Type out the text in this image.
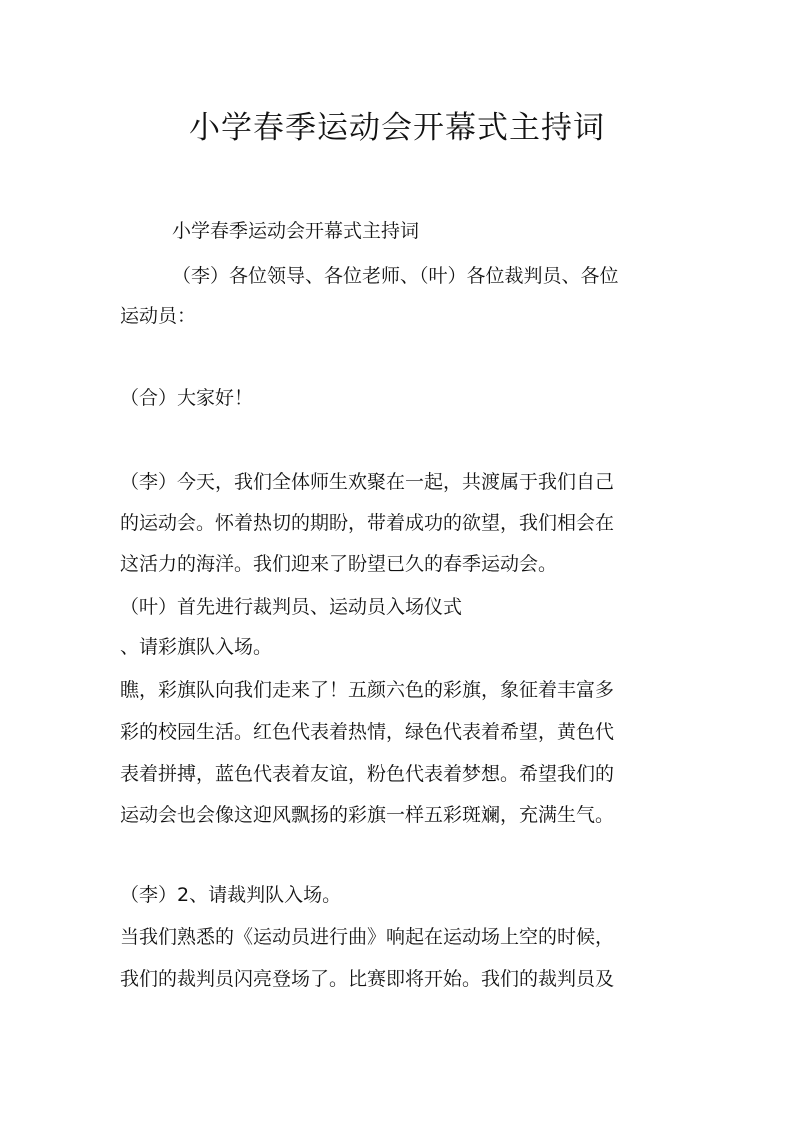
小学春季运动会开幕式主持词

小学春季运动会开幕式主持词

（李）各位领导、各位老师、（叶）各位裁判员、各位

运动员：

（合）大家好！

（李）今天，我们全体师生欢聚在一起，共渡属于我们自己

的运动会。怀着热切的期盼，带着成功的欲望，我们相会在

这活力的海洋。我们迎来了盼望已久的春季运动会。

（叶）首先进行裁判员、运动员入场仪式

、请彩旗队入场。

瞧，彩旗队向我们走来了！五颜六色的彩旗，象征着丰富多

彩的校园生活。红色代表着热情，绿色代表着希望，黄色代

表着拼搏，蓝色代表着友谊，粉色代表着梦想。希望我们的

运动会也会像这迎风飘扬的彩旗一样五彩斑斓，充满生气。

（李）2、请裁判队入场。

当我们熟悉的《运动员进行曲》响起在运动场上空的时候，

我们的裁判员闪亮登场了。比赛即将开始。我们的裁判员及
